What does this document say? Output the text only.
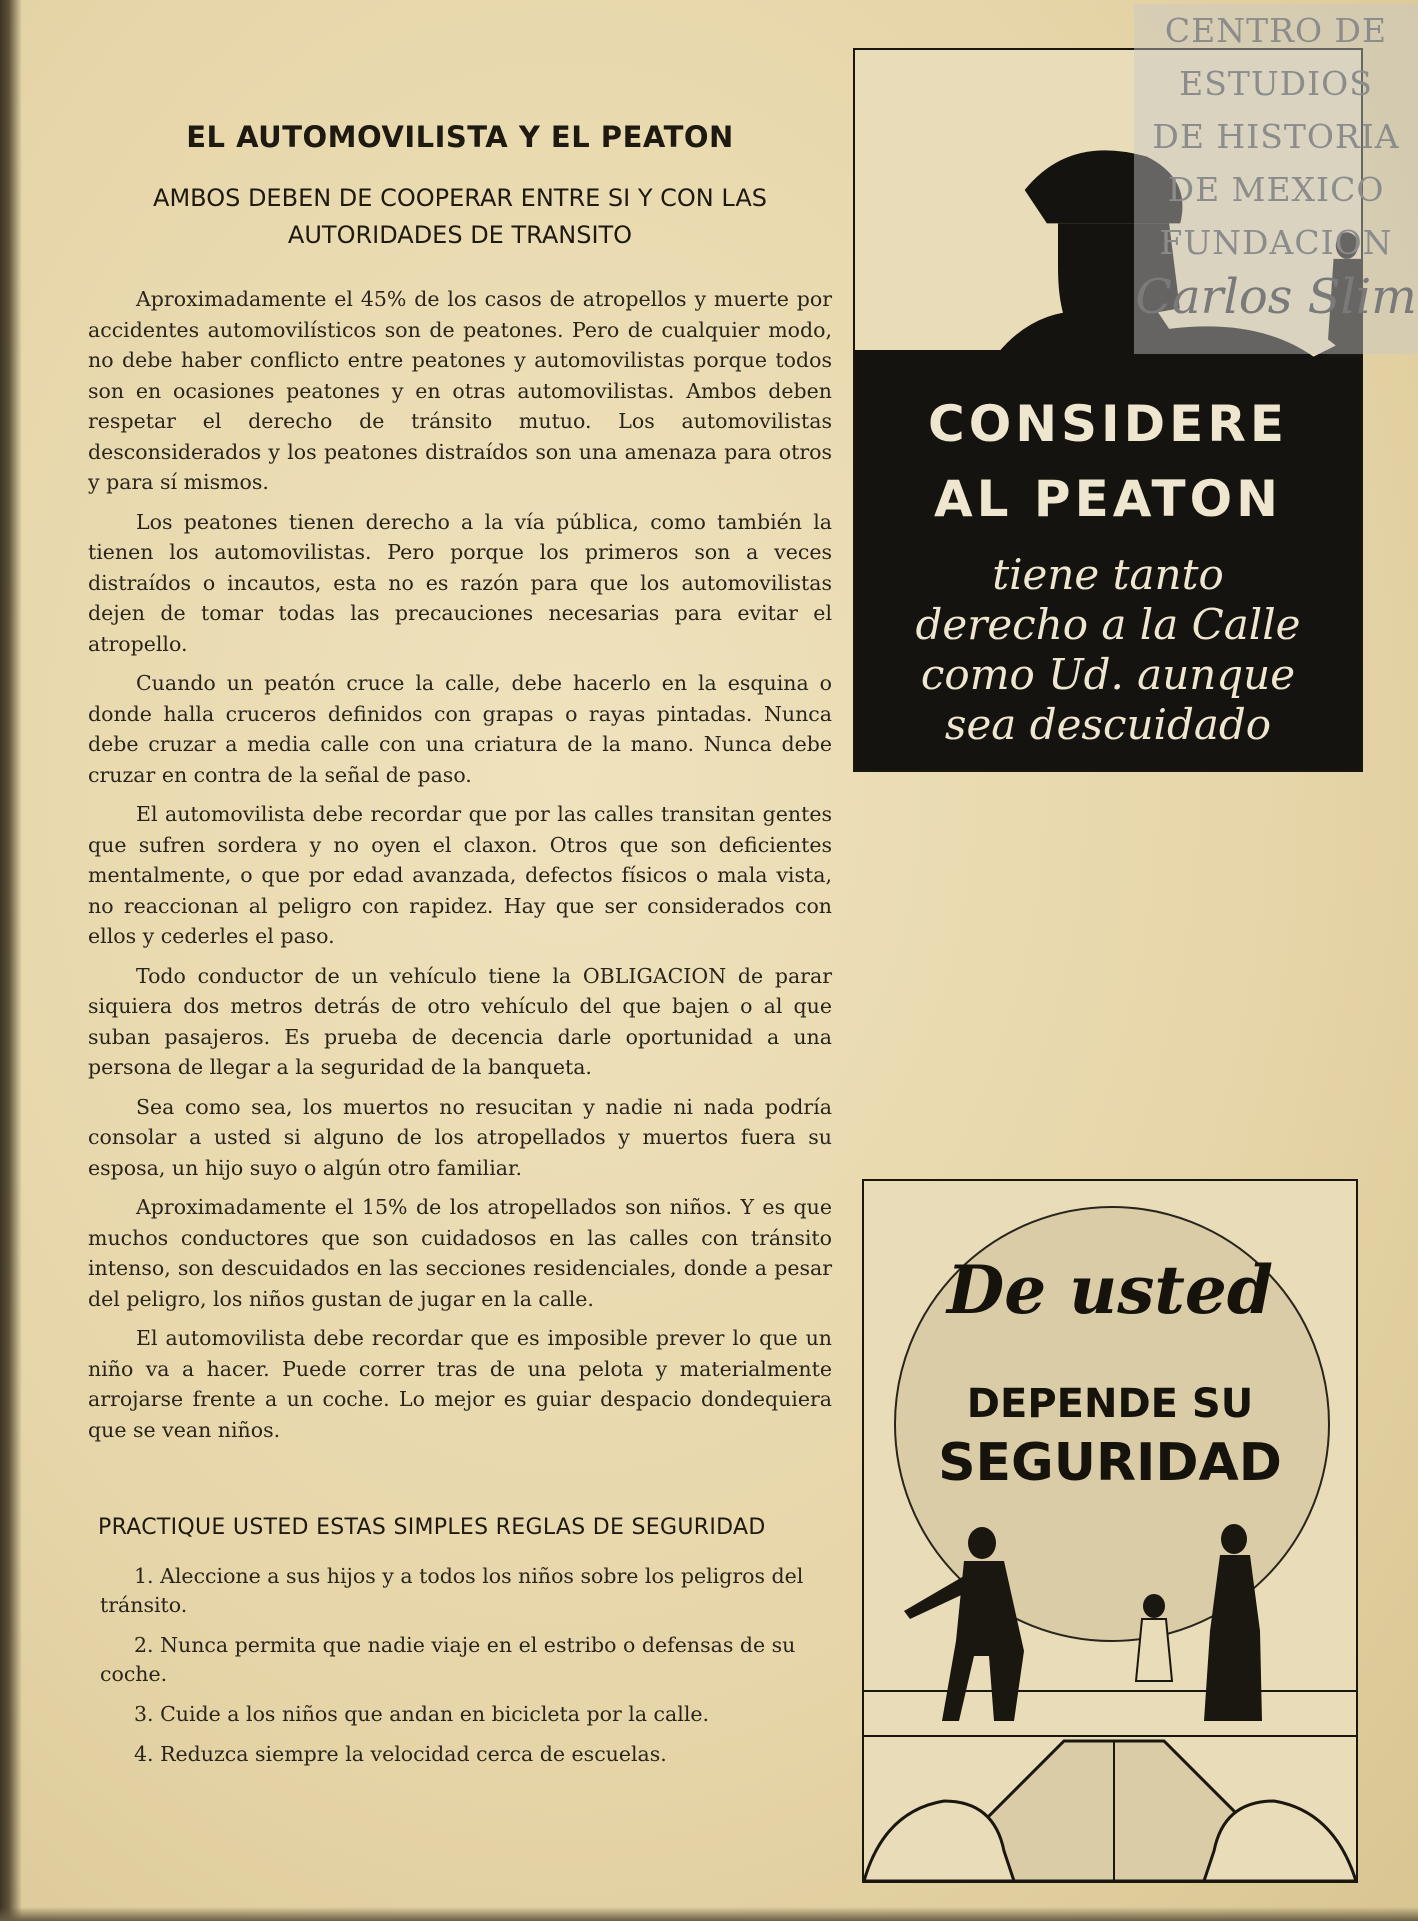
EL AUTOMOVILISTA Y EL PEATON
AMBOS DEBEN DE COOPERAR ENTRE SI Y CON LAS
AUTORIDADES DE TRANSITO

Aproximadamente el 45% de los casos de atropellos y muerte por accidentes automovilísticos son de peatones. Pero de cualquier modo, no debe haber conflicto entre peatones y automovilistas porque todos son en ocasiones peatones y en otras automovilistas. Ambos deben respetar el derecho de tránsito mutuo. Los automovilistas desconsiderados y los peatones distraídos son una amenaza para otros y para sí mismos.

Los peatones tienen derecho a la vía pública, como también la tienen los automovilistas. Pero porque los primeros son a veces distraídos o incautos, esta no es razón para que los automovilistas dejen de tomar todas las precauciones necesarias para evitar el atropello.

Cuando un peatón cruce la calle, debe hacerlo en la esquina o donde halla cruceros definidos con grapas o rayas pintadas. Nunca debe cruzar a media calle con una criatura de la mano. Nunca debe cruzar en contra de la señal de paso.

El automovilista debe recordar que por las calles transitan gentes que sufren sordera y no oyen el claxon. Otros que son deficientes mentalmente, o que por edad avanzada, defectos físicos o mala vista, no reaccionan al peligro con rapidez. Hay que ser considerados con ellos y cederles el paso.

Todo conductor de un vehículo tiene la OBLIGACION de parar siquiera dos metros detrás de otro vehículo del que bajen o al que suban pasajeros. Es prueba de decencia darle oportunidad a una persona de llegar a la seguridad de la banqueta.

Sea como sea, los muertos no resucitan y nadie ni nada podría consolar a usted si alguno de los atropellados y muertos fuera su esposa, un hijo suyo o algún otro familiar.

Aproximadamente el 15% de los atropellados son niños. Y es que muchos conductores que son cuidadosos en las calles con tránsito intenso, son descuidados en las secciones residenciales, donde a pesar del peligro, los niños gustan de jugar en la calle.

El automovilista debe recordar que es imposible prever lo que un niño va a hacer. Puede correr tras de una pelota y materialmente arrojarse frente a un coche. Lo mejor es guiar despacio dondequiera que se vean niños.

PRACTIQUE USTED ESTAS SIMPLES REGLAS DE SEGURIDAD

1. Aleccione a sus hijos y a todos los niños sobre los peligros del tránsito.

2. Nunca permita que nadie viaje en el estribo o defensas de su coche.

3. Cuide a los niños que andan en bicicleta por la calle.

4. Reduzca siempre la velocidad cerca de escuelas.

CONSIDERE
AL PEATON
tiene tanto
derecho a la Calle
como Ud. aunque
sea descuidado
De usted
DEPENDE SU
SEGURIDAD
CENTRO DE
ESTUDIOS
DE HISTORIA
DE MEXICO
FUNDACION
Carlos Slim
